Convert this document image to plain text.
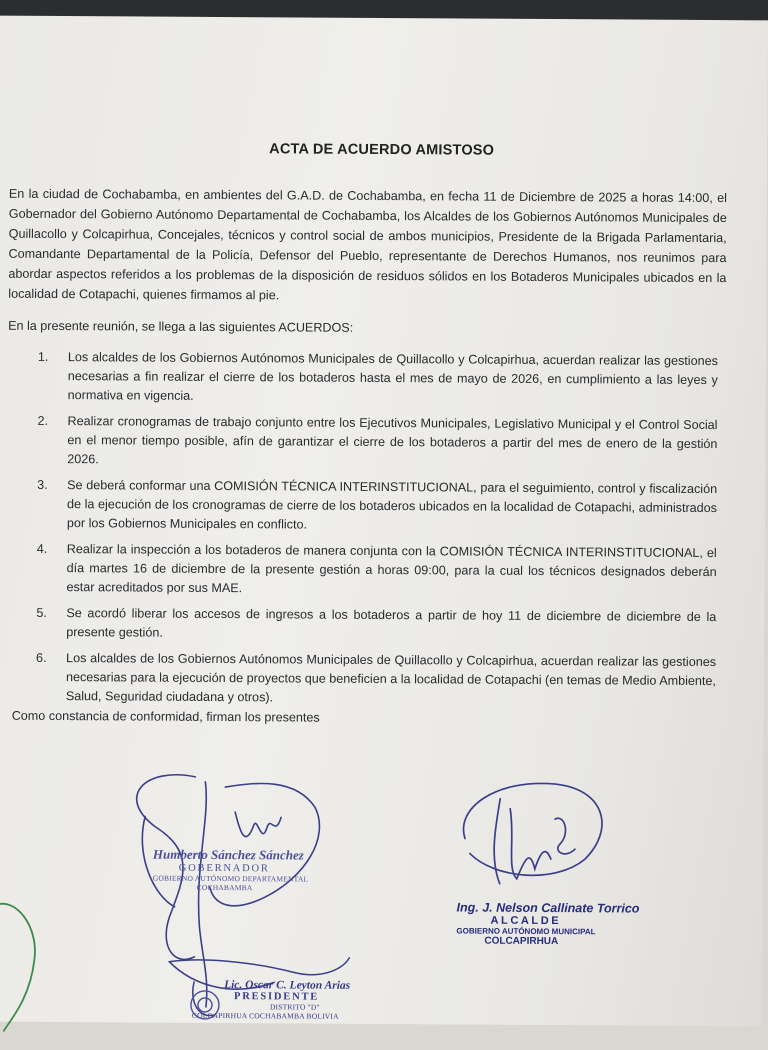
ACTA DE ACUERDO AMISTOSO

En la ciudad de Cochabamba, en ambientes del G.A.D. de Cochabamba, en fecha 11 de Diciembre de 2025 a horas 14:00, el Gobernador del Gobierno Autónomo Departamental de Cochabamba, los Alcaldes de los Gobiernos Autónomos Municipales de Quillacollo y Colcapirhua, Concejales, técnicos y control social de ambos municipios, Presidente de la Brigada Parlamentaria, Comandante Departamental de la Policía, Defensor del Pueblo, representante de Derechos Humanos, nos reunimos para abordar aspectos referidos a los problemas de la disposición de residuos sólidos en los Botaderos Municipales ubicados en la localidad de Cotapachi, quienes firmamos al pie.

En la presente reunión, se llega a las siguientes ACUERDOS:

1. Los alcaldes de los Gobiernos Autónomos Municipales de Quillacollo y Colcapirhua, acuerdan realizar las gestiones necesarias a fin realizar el cierre de los botaderos hasta el mes de mayo de 2026, en cumplimiento a las leyes y normativa en vigencia.
2. Realizar cronogramas de trabajo conjunto entre los Ejecutivos Municipales, Legislativo Municipal y el Control Social en el menor tiempo posible, afín de garantizar el cierre de los botaderos a partir del mes de enero de la gestión 2026.
3. Se deberá conformar una COMISIÓN TÉCNICA INTERINSTITUCIONAL, para el seguimiento, control y fiscalización de la ejecución de los cronogramas de cierre de los botaderos ubicados en la localidad de Cotapachi, administrados por los Gobiernos Municipales en conflicto.
4. Realizar la inspección a los botaderos de manera conjunta con la COMISIÓN TÉCNICA INTERINSTITUCIONAL, el día martes 16 de diciembre de la presente gestión a horas 09:00, para la cual los técnicos designados deberán estar acreditados por sus MAE.
5. Se acordó liberar los accesos de ingresos a los botaderos a partir de hoy 11 de diciembre de diciembre de la presente gestión.
6. Los alcaldes de los Gobiernos Autónomos Municipales de Quillacollo y Colcapirhua, acuerdan realizar las gestiones necesarias para la ejecución de proyectos que beneficien a la localidad de Cotapachi (en temas de Medio Ambiente, Salud, Seguridad ciudadana y otros).

Como constancia de conformidad, firman los presentes

Humberto Sánchez Sánchez
GOBERNADOR
GOBIERNO AUTÓNOMO DEPARTAMENTAL
COCHABAMBA
Ing. J. Nelson Callinate Torrico
ALCALDE
GOBIERNO AUTÓNOMO MUNICIPAL
COLCAPIRHUA
Lic. Oscar C. Leyton Arias
PRESIDENTE
DISTRITO "D"
COLCAPIRHUA COCHABAMBA BOLIVIA
